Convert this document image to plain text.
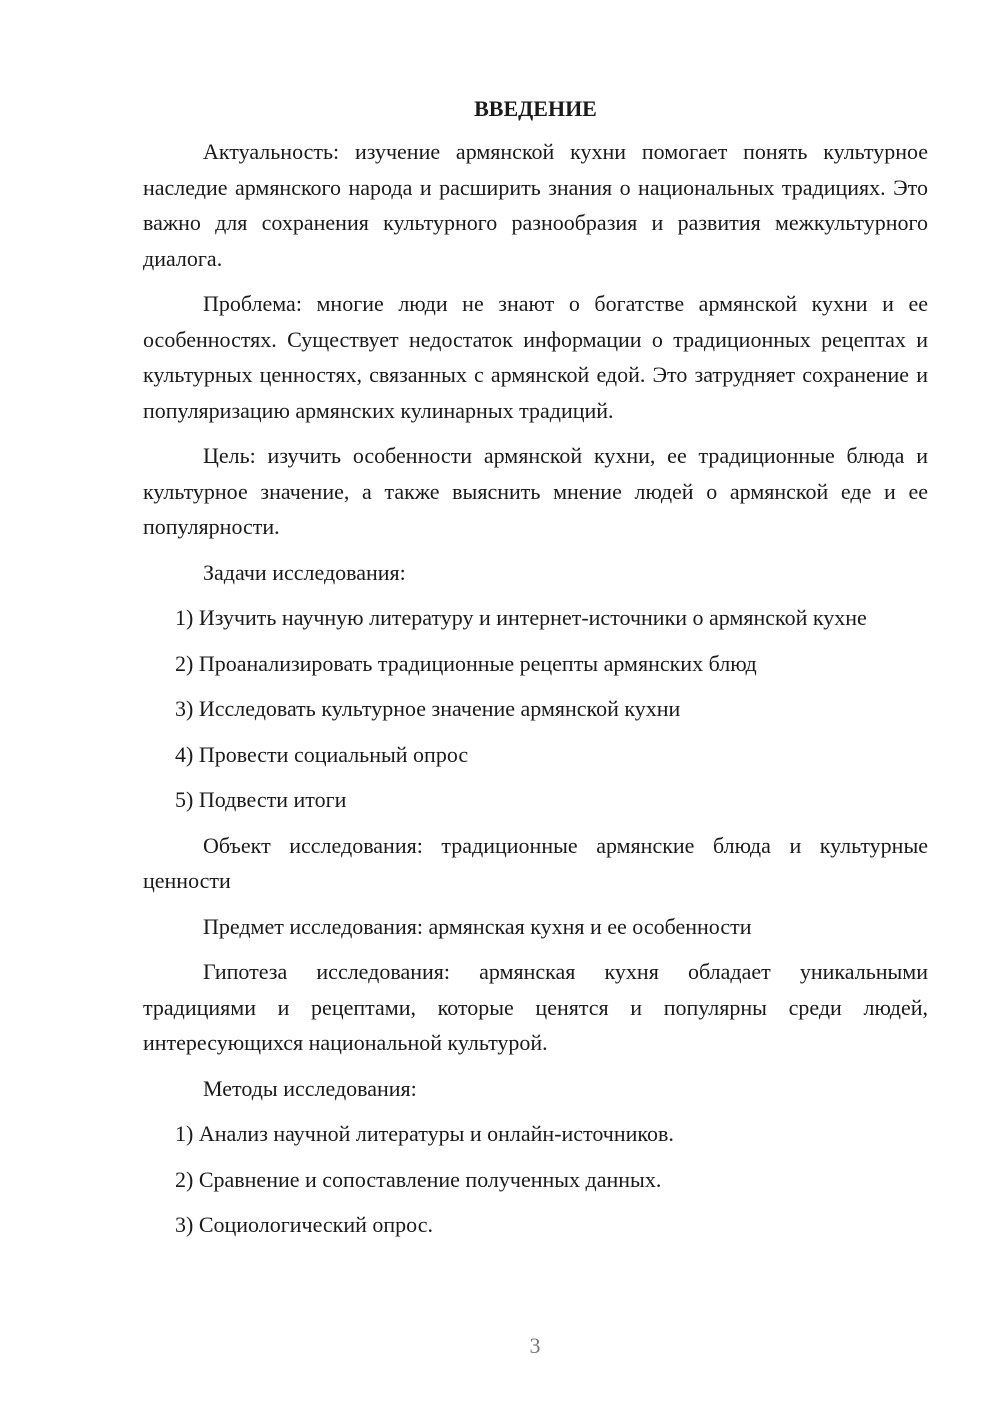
ВВЕДЕНИЕ

Актуальность: изучение армянской кухни помогает понять культурное наследие армянского народа и расширить знания о национальных традициях. Это важно для сохранения культурного разнообразия и развития межкультурного диалога.

Проблема: многие люди не знают о богатстве армянской кухни и ее особенностях. Существует недостаток информации о традиционных рецептах и культурных ценностях, связанных с армянской едой. Это затрудняет сохранение и популяризацию армянских кулинарных традиций.

Цель: изучить особенности армянской кухни, ее традиционные блюда и культурное значение, а также выяснить мнение людей о армянской еде и ее популярности.

Задачи исследования:

1) Изучить научную литературу и интернет-источники о армянской кухне

2) Проанализировать традиционные рецепты армянских блюд

3) Исследовать культурное значение армянской кухни

4) Провести социальный опрос

5) Подвести итоги

Объект исследования: традиционные армянские блюда и культурные ценности

Предмет исследования: армянская кухня и ее особенности

Гипотеза исследования: армянская кухня обладает уникальными традициями и рецептами, которые ценятся и популярны среди людей, интересующихся национальной культурой.

Методы исследования:

1) Анализ научной литературы и онлайн-источников.

2) Сравнение и сопоставление полученных данных.

3) Социологический опрос.

3
